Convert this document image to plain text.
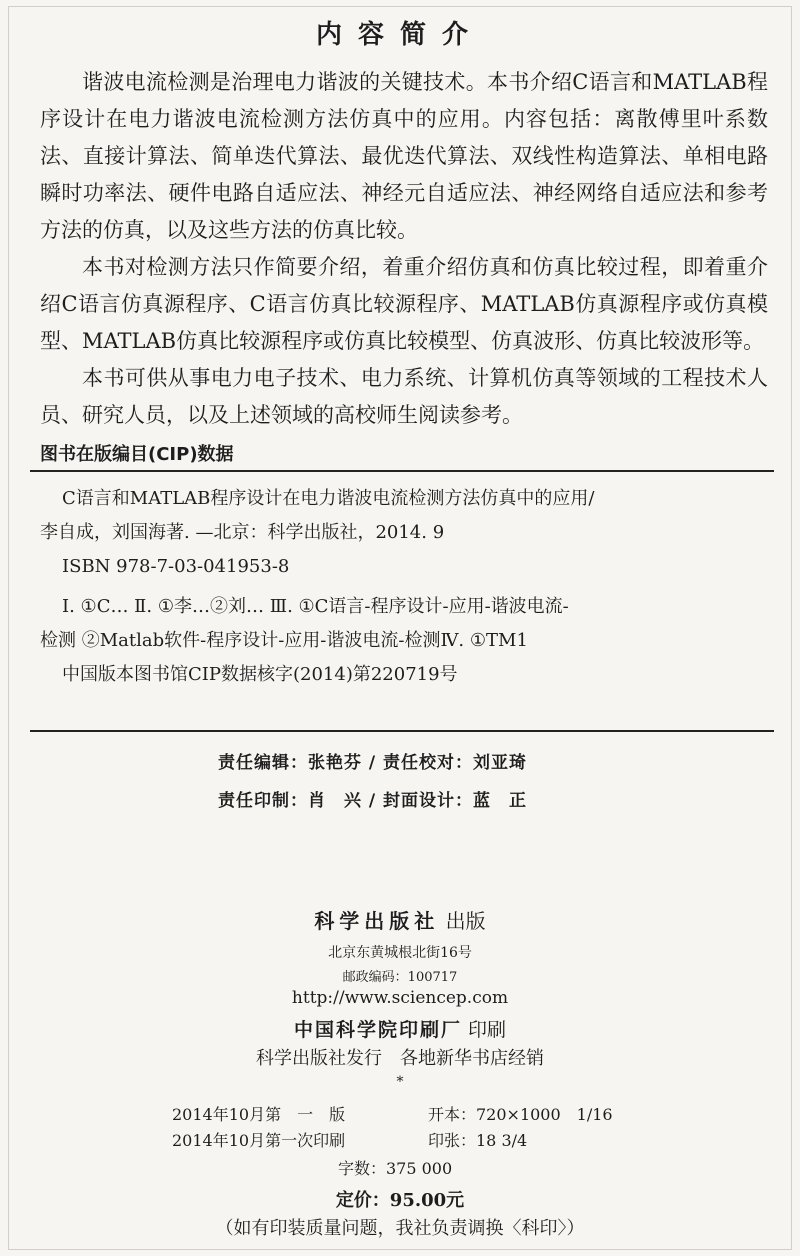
内容简介

谐波电流检测是治理电力谐波的关键技术。本书介绍C语言和MATLAB程序设计在电力谐波电流检测方法仿真中的应用。内容包括：离散傅里叶系数法、直接计算法、简单迭代算法、最优迭代算法、双线性构造算法、单相电路瞬时功率法、硬件电路自适应法、神经元自适应法、神经网络自适应法和参考方法的仿真，以及这些方法的仿真比较。

本书对检测方法只作简要介绍，着重介绍仿真和仿真比较过程，即着重介绍C语言仿真源程序、C语言仿真比较源程序、MATLAB仿真源程序或仿真模型、MATLAB仿真比较源程序或仿真比较模型、仿真波形、仿真比较波形等。

本书可供从事电力电子技术、电力系统、计算机仿真等领域的工程技术人员、研究人员，以及上述领域的高校师生阅读参考。

图书在版编目(CIP)数据

C语言和MATLAB程序设计在电力谐波电流检测方法仿真中的应用/

李自成，刘国海著. —北京：科学出版社，2014. 9

ISBN 978-7-03-041953-8

Ⅰ. ①C… Ⅱ. ①李…②刘… Ⅲ. ①C语言-程序设计-应用-谐波电流-

检测 ②Matlab软件-程序设计-应用-谐波电流-检测Ⅳ. ①TM1

中国版本图书馆CIP数据核字(2014)第220719号

责任编辑：张艳芬 / 责任校对：刘亚琦
责任印制：肖　兴 / 封面设计：蓝　正
科学出版社 出版
北京东黄城根北街16号
邮政编码：100717
http://www.sciencep.com
中国科学院印刷厂 印刷
科学出版社发行　各地新华书店经销
*
2014年10月第　一　版	开本：720×1000　1/16
2014年10月第一次印刷	印张：18 3/4
字数：375 000
定价：95.00元
（如有印装质量问题，我社负责调换〈科印〉）
